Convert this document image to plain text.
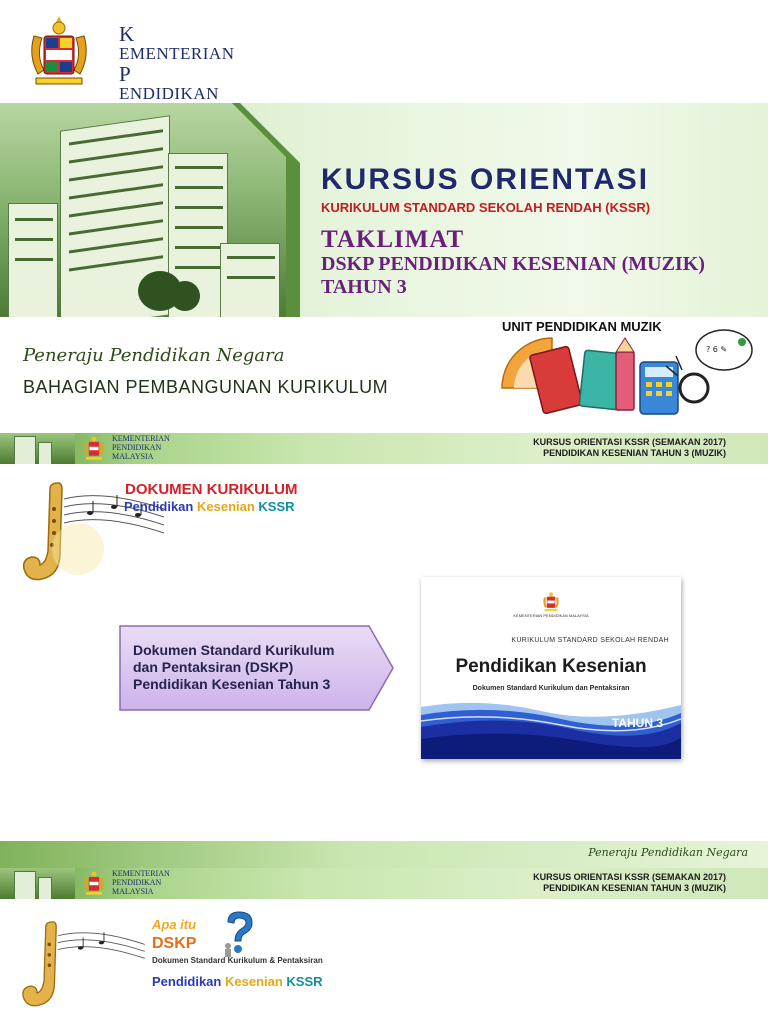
K
EMENTERIAN
P
ENDIDIKAN
KURSUS ORIENTASI
KURIKULUM STANDARD SEKOLAH RENDAH (KSSR)
TAKLIMAT
DSKP PENDIDIKAN KESENIAN (MUZIK) TAHUN 3
Peneraju Pendidikan Negara
BAHAGIAN PEMBANGUNAN KURIKULUM
UNIT PENDIDIKAN MUZIK
? 6 ✎
KEMENTERIAN
PENDIDIKAN
MALAYSIA
KURSUS ORIENTASI KSSR (SEMAKAN 2017)
PENDIDIKAN KESENIAN TAHUN 3 (MUZIK)
DOKUMEN KURIKULUM
Pendidikan Kesenian KSSR
Dokumen Standard Kurikulum
dan Pentaksiran (DSKP)
Pendidikan Kesenian Tahun 3
KEMENTERIAN PENDIDIKAN MALAYSIA
KURIKULUM STANDARD SEKOLAH RENDAH
Pendidikan Kesenian
Dokumen Standard Kurikulum dan Pentaksiran
TAHUN 3
Peneraju Pendidikan Negara
KEMENTERIAN
PENDIDIKAN
MALAYSIA
KURSUS ORIENTASI KSSR (SEMAKAN 2017)
PENDIDIKAN KESENIAN TAHUN 3 (MUZIK)
Apa itu
DSKP
Dokumen Standard Kurikulum & Pentaksiran
Pendidikan Kesenian KSSR
